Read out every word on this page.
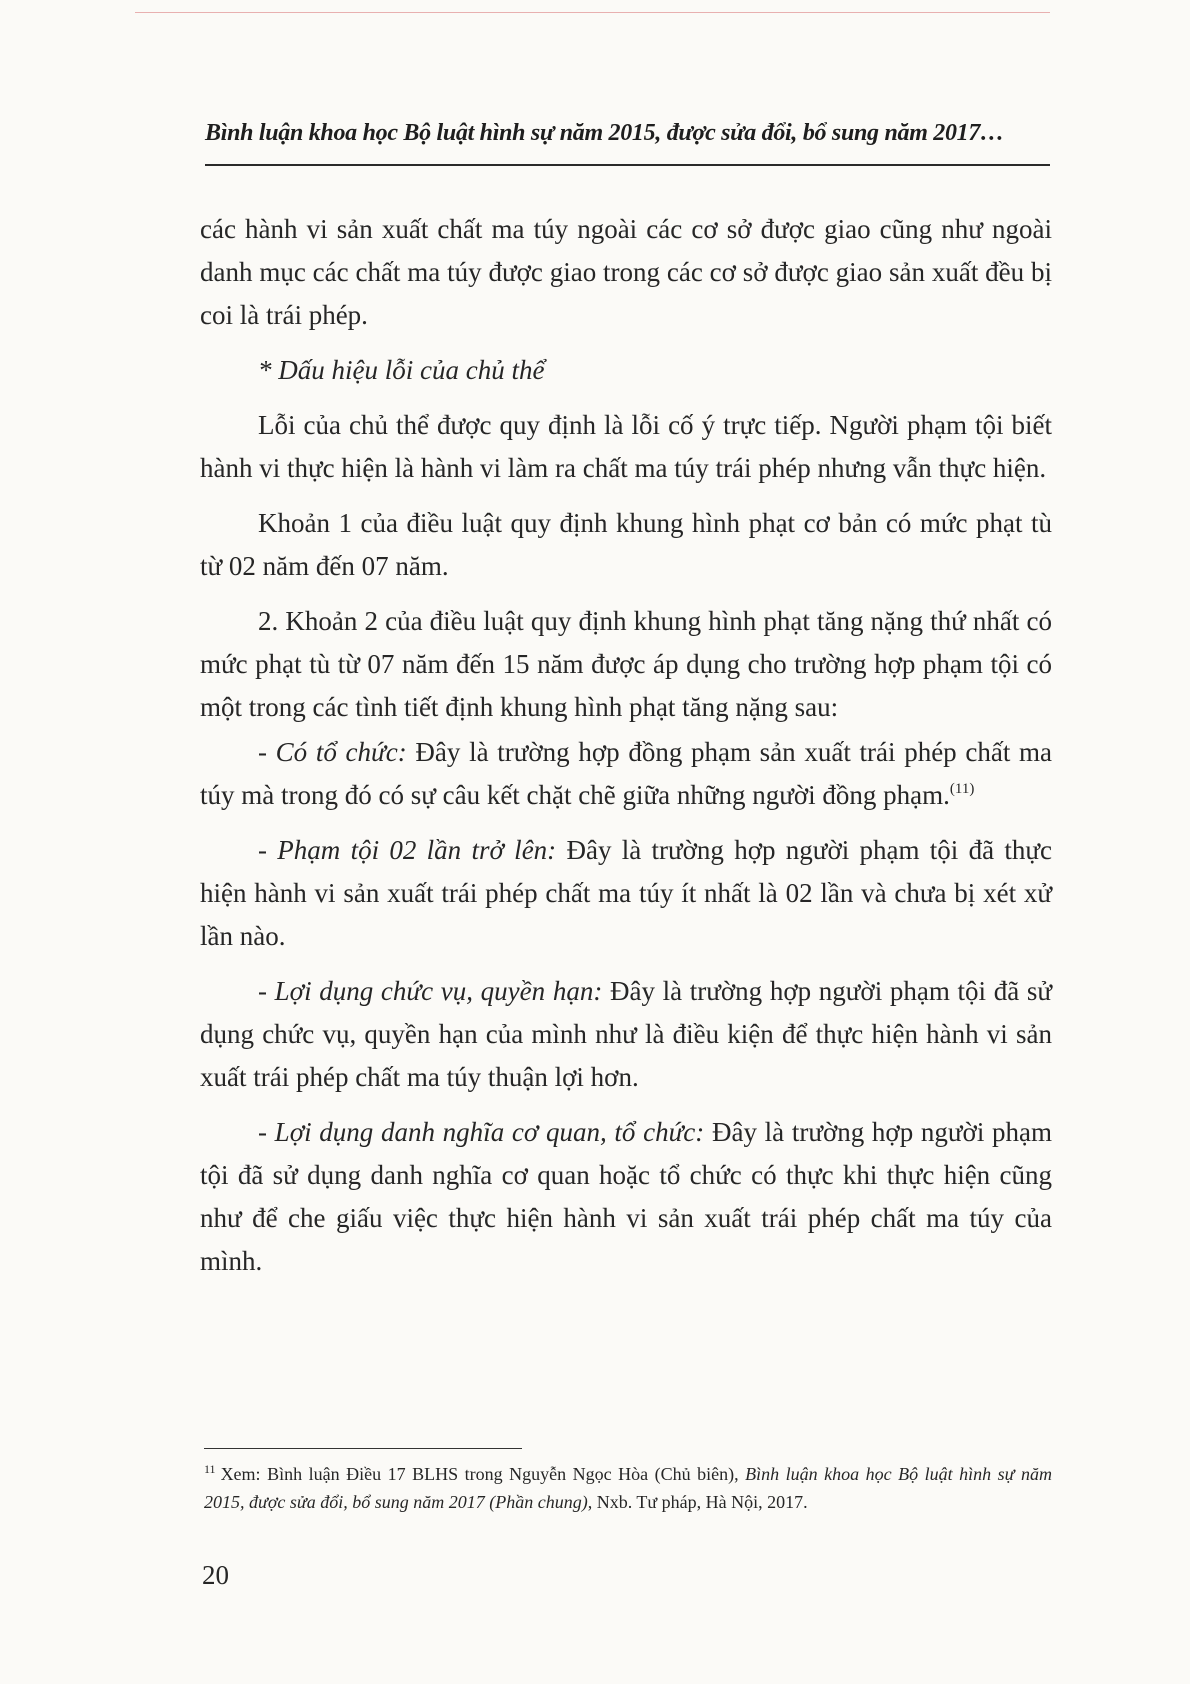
Bình luận khoa học Bộ luật hình sự năm 2015, được sửa đổi, bổ sung năm 2017…

các hành vi sản xuất chất ma túy ngoài các cơ sở được giao cũng như ngoài danh mục các chất ma túy được giao trong các cơ sở được giao sản xuất đều bị coi là trái phép.

* Dấu hiệu lỗi của chủ thể

Lỗi của chủ thể được quy định là lỗi cố ý trực tiếp. Người phạm tội biết hành vi thực hiện là hành vi làm ra chất ma túy trái phép nhưng vẫn thực hiện.

Khoản 1 của điều luật quy định khung hình phạt cơ bản có mức phạt tù từ 02 năm đến 07 năm.

2. Khoản 2 của điều luật quy định khung hình phạt tăng nặng thứ nhất có mức phạt tù từ 07 năm đến 15 năm được áp dụng cho trường hợp phạm tội có một trong các tình tiết định khung hình phạt tăng nặng sau:

- Có tổ chức: Đây là trường hợp đồng phạm sản xuất trái phép chất ma túy mà trong đó có sự câu kết chặt chẽ giữa những người đồng phạm.$^{(11)}$

- Phạm tội 02 lần trở lên: Đây là trường hợp người phạm tội đã thực hiện hành vi sản xuất trái phép chất ma túy ít nhất là 02 lần và chưa bị xét xử lần nào.

- Lợi dụng chức vụ, quyền hạn: Đây là trường hợp người phạm tội đã sử dụng chức vụ, quyền hạn của mình như là điều kiện để thực hiện hành vi sản xuất trái phép chất ma túy thuận lợi hơn.

- Lợi dụng danh nghĩa cơ quan, tổ chức: Đây là trường hợp người phạm tội đã sử dụng danh nghĩa cơ quan hoặc tổ chức có thực khi thực hiện cũng như để che giấu việc thực hiện hành vi sản xuất trái phép chất ma túy của mình.

$^{11}$ Xem: Bình luận Điều 17 BLHS trong Nguyễn Ngọc Hòa (Chủ biên), Bình luận khoa học Bộ luật hình sự năm 2015, được sửa đổi, bổ sung năm 2017 (Phần chung), Nxb. Tư pháp, Hà Nội, 2017.
20
